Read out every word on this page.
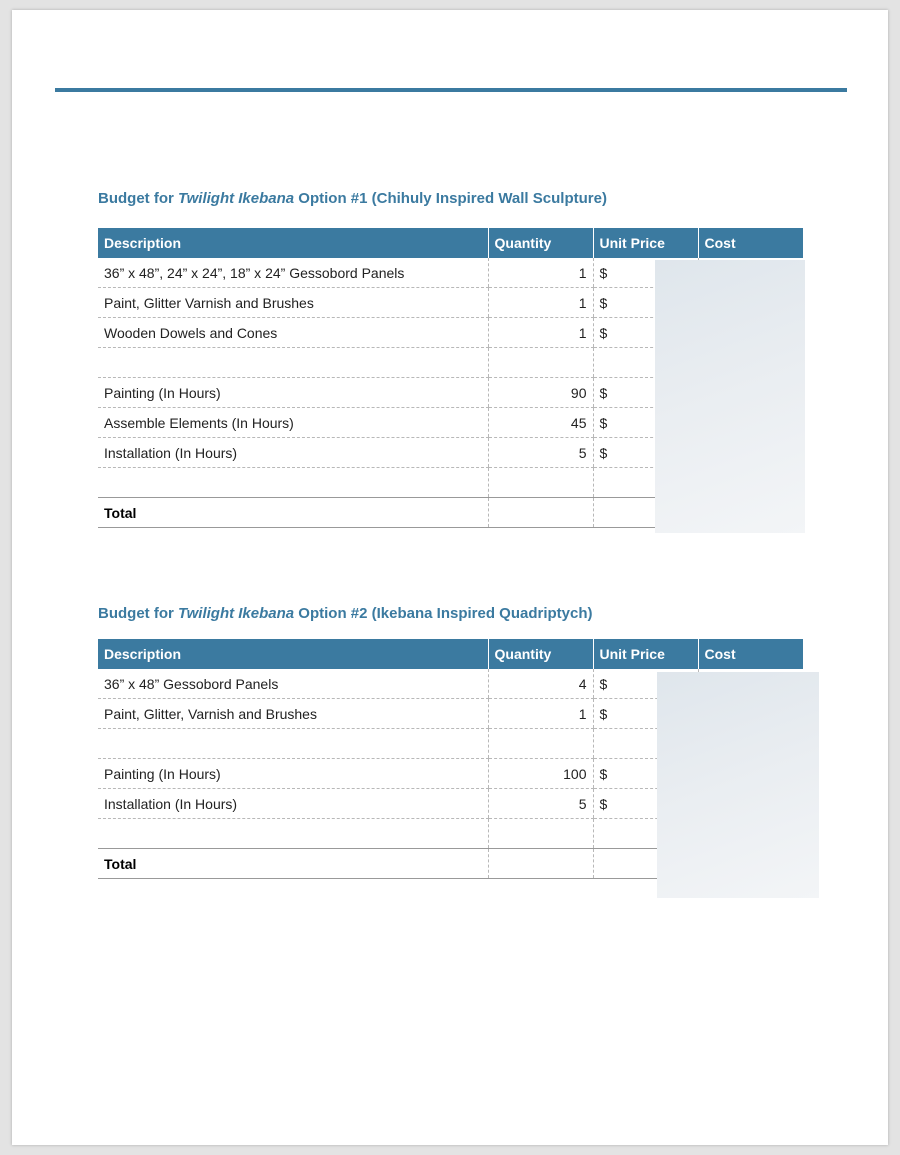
Budget for Twilight Ikebana Option #1 (Chihuly Inspired Wall Sculpture)
Description	Quantity	Unit Price	Cost
36” x 48”, 24” x 24”, 18” x 24” Gessobord Panels	1	$	
Paint, Glitter Varnish and Brushes	1	$	
Wooden Dowels and Cones	1	$	

Painting (In Hours)	90	$	
Assemble Elements (In Hours)	45	$	
Installation (In Hours)	5	$	

Total			
Budget for Twilight Ikebana Option #2 (Ikebana Inspired Quadriptych)
Description	Quantity	Unit Price	Cost
36” x 48” Gessobord Panels	4	$	
Paint, Glitter, Varnish and Brushes	1	$	

Painting (In Hours)	100	$	
Installation (In Hours)	5	$	

Total			
